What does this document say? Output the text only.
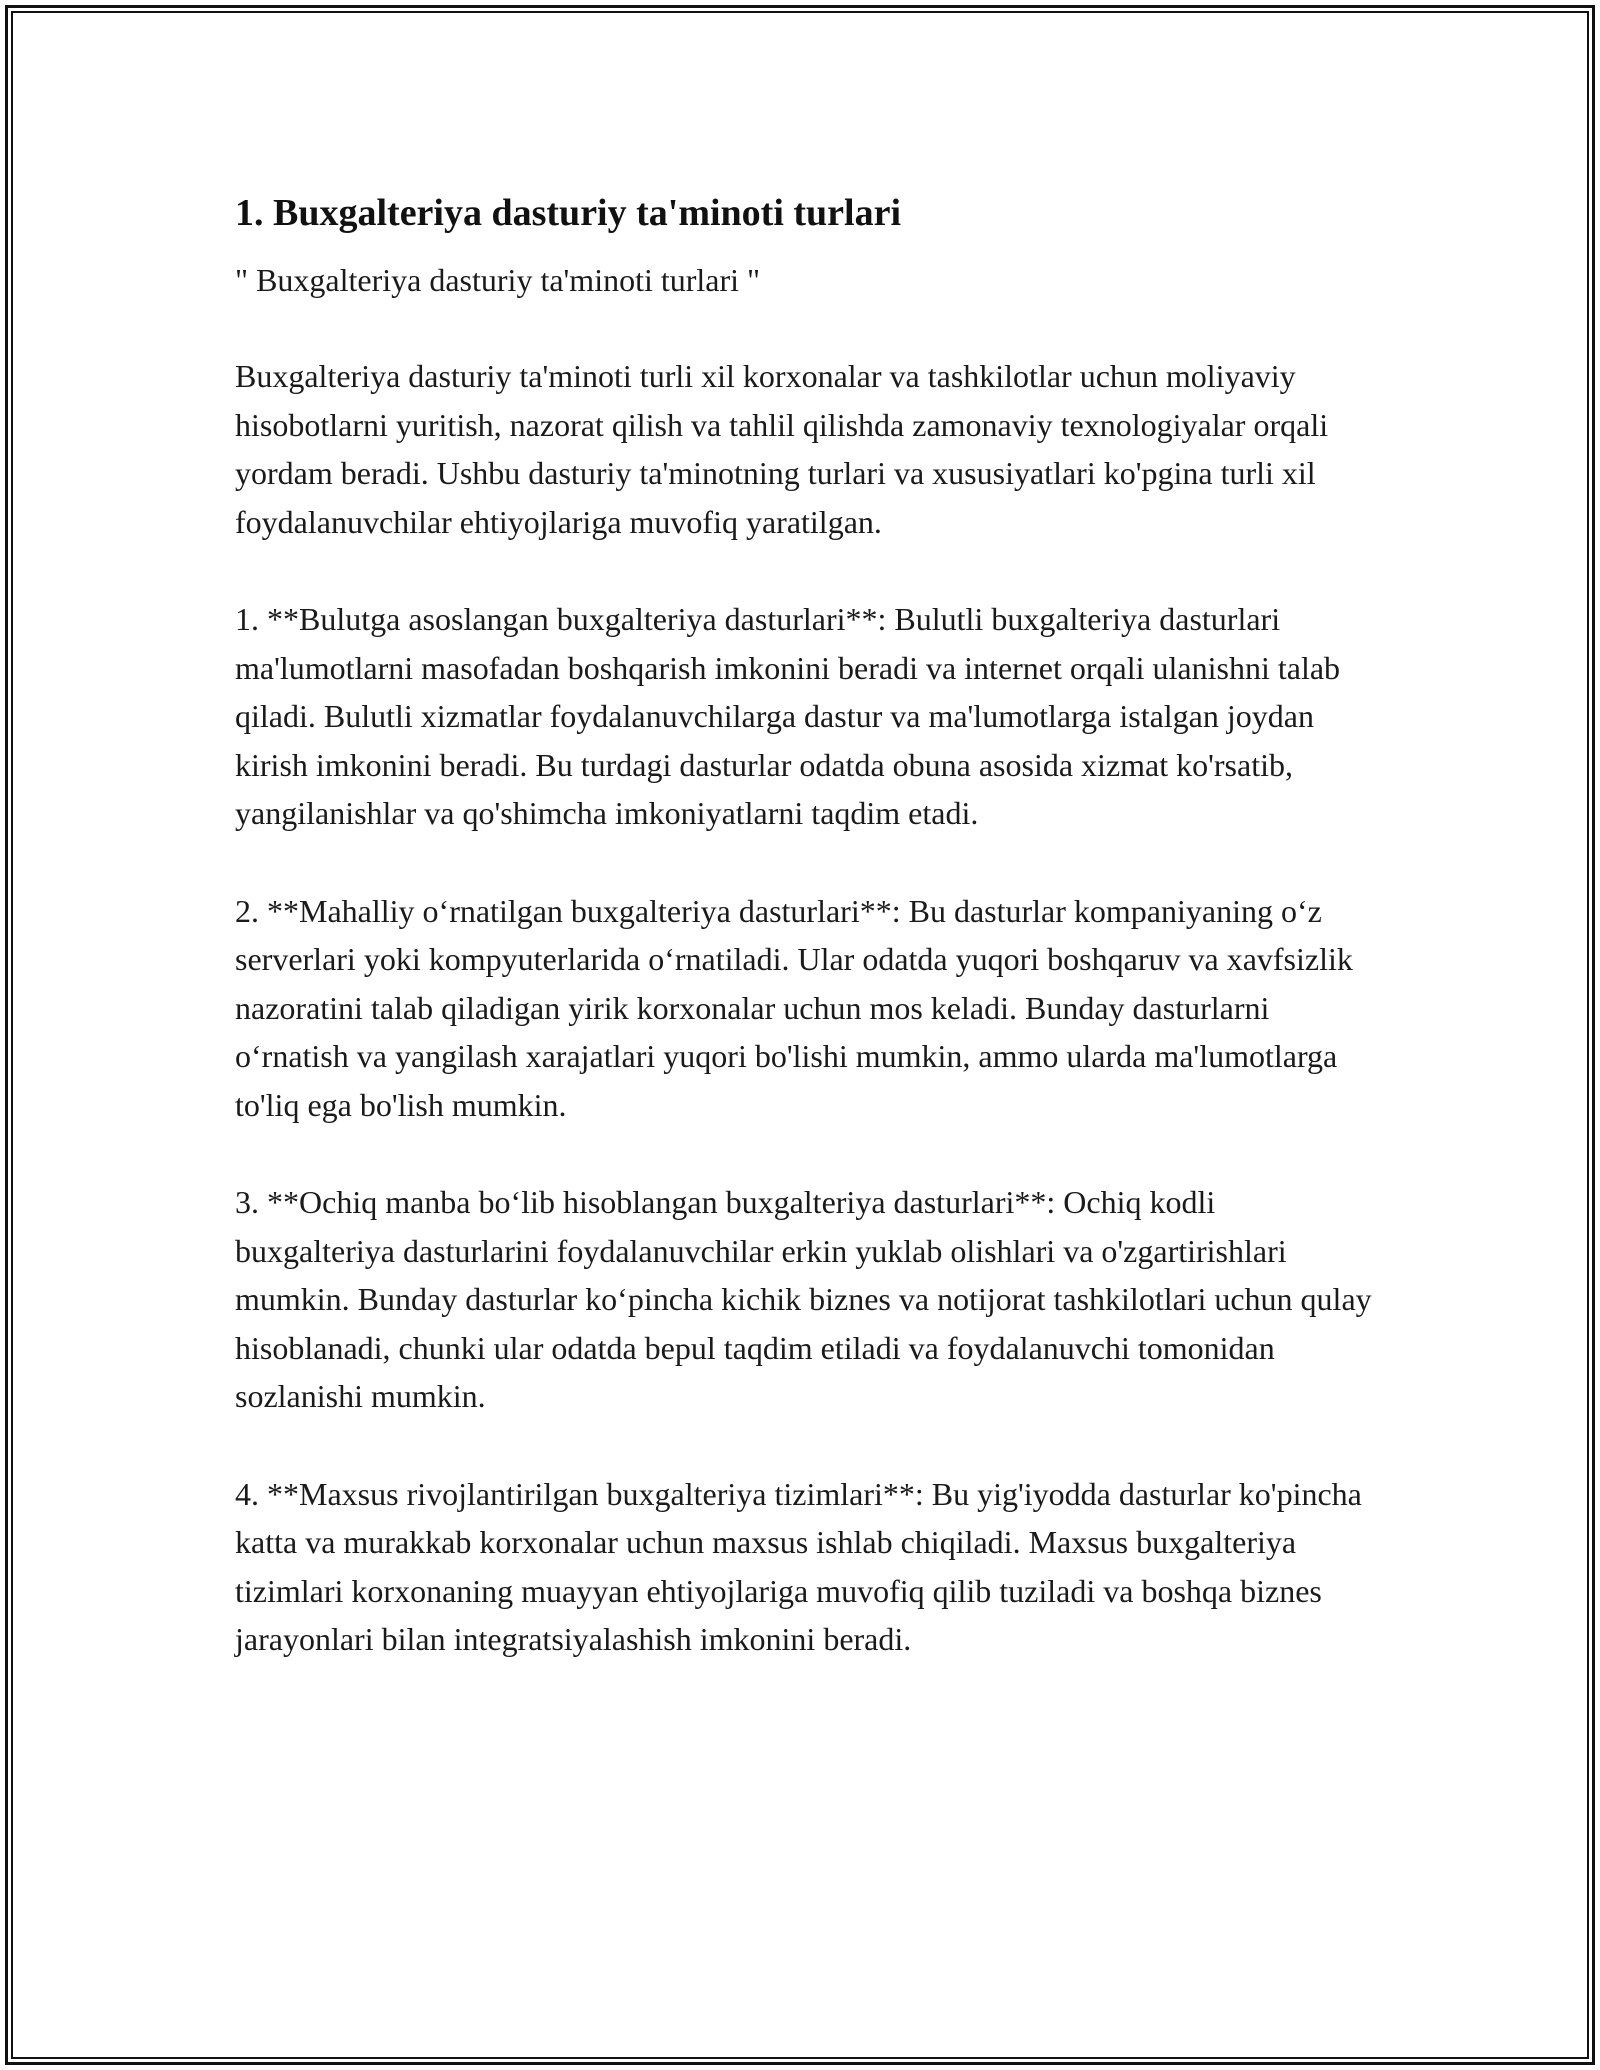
1. Buxgalteriya dasturiy ta'minoti turlari
" Buxgalteriya dasturiy ta'minoti turlari "
Buxgalteriya dasturiy ta'minoti turli xil korxonalar va tashkilotlar uchun moliyaviy hisobotlarni yuritish, nazorat qilish va tahlil qilishda zamonaviy texnologiyalar orqali yordam beradi. Ushbu dasturiy ta'minotning turlari va xususiyatlari ko'pgina turli xil foydalanuvchilar ehtiyojlariga muvofiq yaratilgan.
1. **Bulutga asoslangan buxgalteriya dasturlari**: Bulutli buxgalteriya dasturlari ma'lumotlarni masofadan boshqarish imkonini beradi va internet orqali ulanishni talab qiladi. Bulutli xizmatlar foydalanuvchilarga dastur va ma'lumotlarga istalgan joydan kirish imkonini beradi. Bu turdagi dasturlar odatda obuna asosida xizmat ko'rsatib, yangilanishlar va qo'shimcha imkoniyatlarni taqdim etadi.
2. **Mahalliy o‘rnatilgan buxgalteriya dasturlari**: Bu dasturlar kompaniyaning o‘z serverlari yoki kompyuterlarida o‘rnatiladi. Ular odatda yuqori boshqaruv va xavfsizlik nazoratini talab qiladigan yirik korxonalar uchun mos keladi. Bunday dasturlarni o‘rnatish va yangilash xarajatlari yuqori bo'lishi mumkin, ammo ularda ma'lumotlarga to'liq ega bo'lish mumkin.
3. **Ochiq manba bo‘lib hisoblangan buxgalteriya dasturlari**: Ochiq kodli buxgalteriya dasturlarini foydalanuvchilar erkin yuklab olishlari va o'zgartirishlari mumkin. Bunday dasturlar ko‘pincha kichik biznes va notijorat tashkilotlari uchun qulay hisoblanadi, chunki ular odatda bepul taqdim etiladi va foydalanuvchi tomonidan sozlanishi mumkin.
4. **Maxsus rivojlantirilgan buxgalteriya tizimlari**: Bu yig'iyodda dasturlar ko'pincha katta va murakkab korxonalar uchun maxsus ishlab chiqiladi. Maxsus buxgalteriya tizimlari korxonaning muayyan ehtiyojlariga muvofiq qilib tuziladi va boshqa biznes jarayonlari bilan integratsiyalashish imkonini beradi.
